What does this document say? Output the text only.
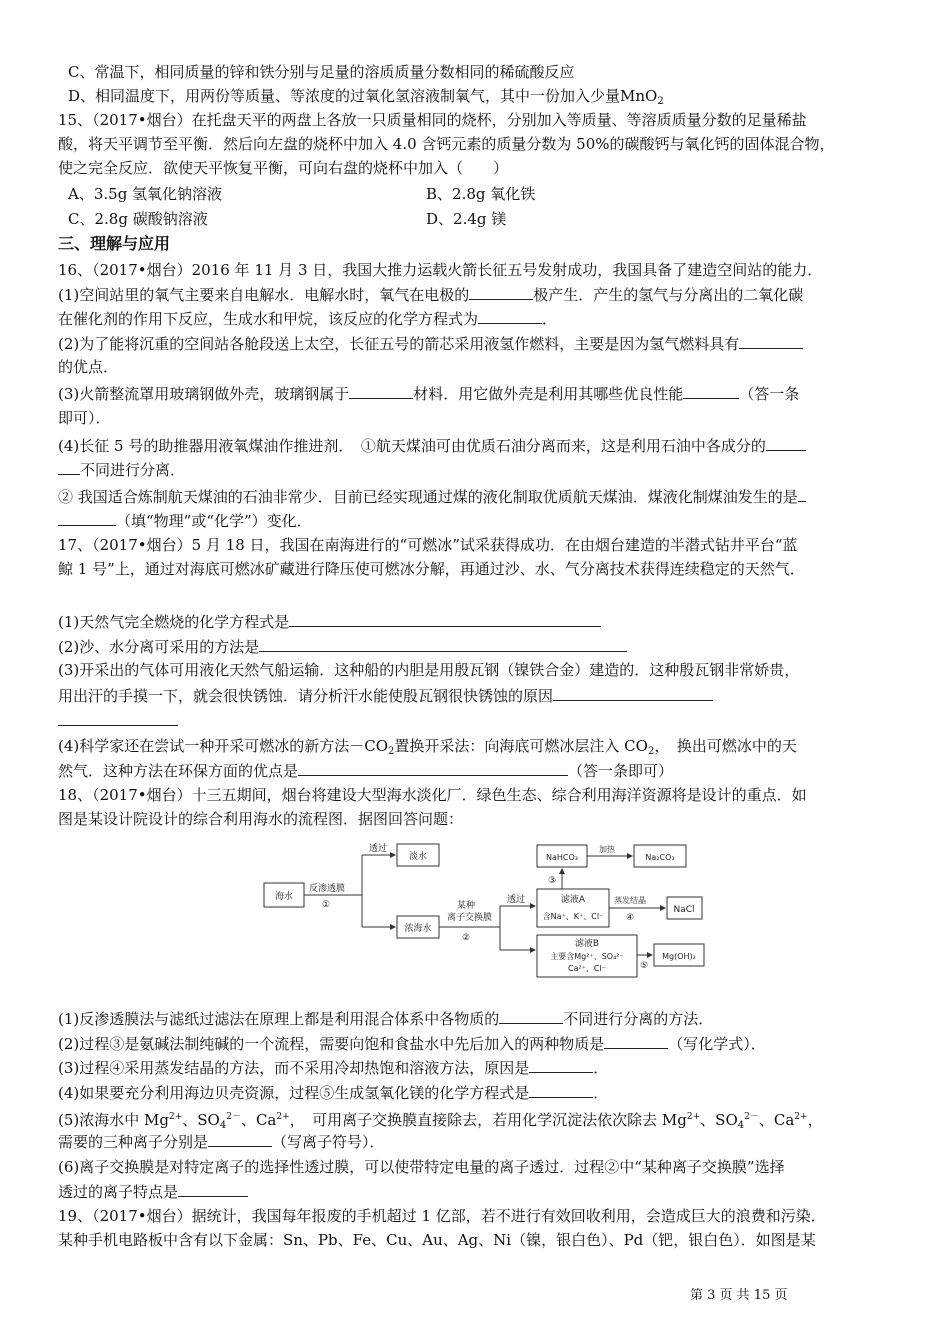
C、常温下，相同质量的锌和铁分别与足量的溶质质量分数相同的稀硫酸反应
D、相同温度下，用两份等质量、等浓度的过氧化氢溶液制氧气，其中一份加入少量MnO$_2$
15、（2017•烟台）在托盘天平的两盘上各放一只质量相同的烧杯，分别加入等质量、等溶质质量分数的足量稀盐
酸，将天平调节至平衡．然后向左盘的烧杯中加入 4.0 含钙元素的质量分数为 50%的碳酸钙与氧化钙的固体混合物，
使之完全反应．欲使天平恢复平衡，可向右盘的烧杯中加入（　　）
A、3.5g 氢氧化钠溶液	B、2.8g 氧化铁
C、2.8g 碳酸钠溶液	D、2.4g 镁
三、理解与应用
16、（2017•烟台）2016 年 11 月 3 日，我国大推力运载火箭长征五号发射成功，我国具备了建造空间站的能力．
(1)空间站里的氧气主要来自电解水．电解水时，氧气在电极的	极产生．产生的氢气与分离出的二氧化碳
在催化剂的作用下反应，生成水和甲烷，该反应的化学方程式为	．
(2)为了能将沉重的空间站各舱段送上太空，长征五号的箭芯采用液氢作燃料，主要是因为氢气燃料具有
的优点．
(3)火箭整流罩用玻璃钢做外壳，玻璃钢属于	材料．用它做外壳是利用其哪些优良性能	（答一条
即可）．
(4)长征 5 号的助推器用液氧煤油作推进剂．　①航天煤油可由优质石油分离而来，这是利用石油中各成分的
不同进行分离．
② 我国适合炼制航天煤油的石油非常少．目前已经实现通过煤的液化制取优质航天煤油．煤液化制煤油发生的是
（填“物理”或“化学”）变化．
17、（2017•烟台）5 月 18 日，我国在南海进行的“可燃冰”试采获得成功．在由烟台建造的半潜式钻井平台“蓝
鲸 1 号”上，通过对海底可燃冰矿藏进行降压使可燃冰分解，再通过沙、水、气分离技术获得连续稳定的天然气．
(1)天然气完全燃烧的化学方程式是
(2)沙、水分离可采用的方法是
(3)开采出的气体可用液化天然气船运输．这种船的内胆是用殷瓦钢（镍铁合金）建造的．这种殷瓦钢非常娇贵，
用出汗的手摸一下，就会很快锈蚀．请分析汗水能使殷瓦钢很快锈蚀的原因
(4)科学家还在尝试一种开采可燃冰的新方法$-CO_2$置换开采法：向海底可燃冰层注入 $CO_2$，　换出可燃冰中的天
然气．这种方法在环保方面的优点是	（答一条即可）
18、（2017•烟台）十三五期间，烟台将建设大型海水淡化厂．绿色生态、综合利用海洋资源将是设计的重点．如
图是某设计院设计的综合利用海水的流程图．据图回答问题：
海水
反渗透膜
①
透过
淡水
浓海水
某种
离子交换膜
②
透过
NaHCO₃
加热
Na₂CO₃
③
滤液A
含Na⁺、K⁺、Cl⁻
蒸发结晶
④
NaCl
滤液B
主要含Mg²⁺、SO₄²⁻
Ca²⁺、Cl⁻	⑤
Mg(OH)₂
(1)反渗透膜法与滤纸过滤法在原理上都是利用混合体系中各物质的	不同进行分离的方法．
(2)过程③是氨碱法制纯碱的一个流程，需要向饱和食盐水中先后加入的两种物质是	（写化学式）．
(3)过程④采用蒸发结晶的方法，而不采用冷却热饱和溶液方法，原因是	．
(4)如果要充分利用海边贝壳资源，过程⑤生成氢氧化镁的化学方程式是	．
(5)浓海水中 $Mg^{2+}$、$SO_4^{2-}$、$Ca^{2+}$，　可用离子交换膜直接除去，若用化学沉淀法依次除去 $Mg^{2+}$、$SO_4^{2-}$、$Ca^{2+}$，
需要的三种离子分别是	（写离子符号）．
(6)离子交换膜是对特定离子的选择性透过膜，可以使带特定电量的离子透过．过程②中“某种离子交换膜”选择
透过的离子特点是
19、（2017•烟台）据统计，我国每年报废的手机超过 1 亿部，若不进行有效回收利用，会造成巨大的浪费和污染．
某种手机电路板中含有以下金属：Sn、Pb、Fe、Cu、Au、Ag、Ni（镍，银白色）、Pd（钯，银白色）．如图是某
第 3 页 共 15 页
